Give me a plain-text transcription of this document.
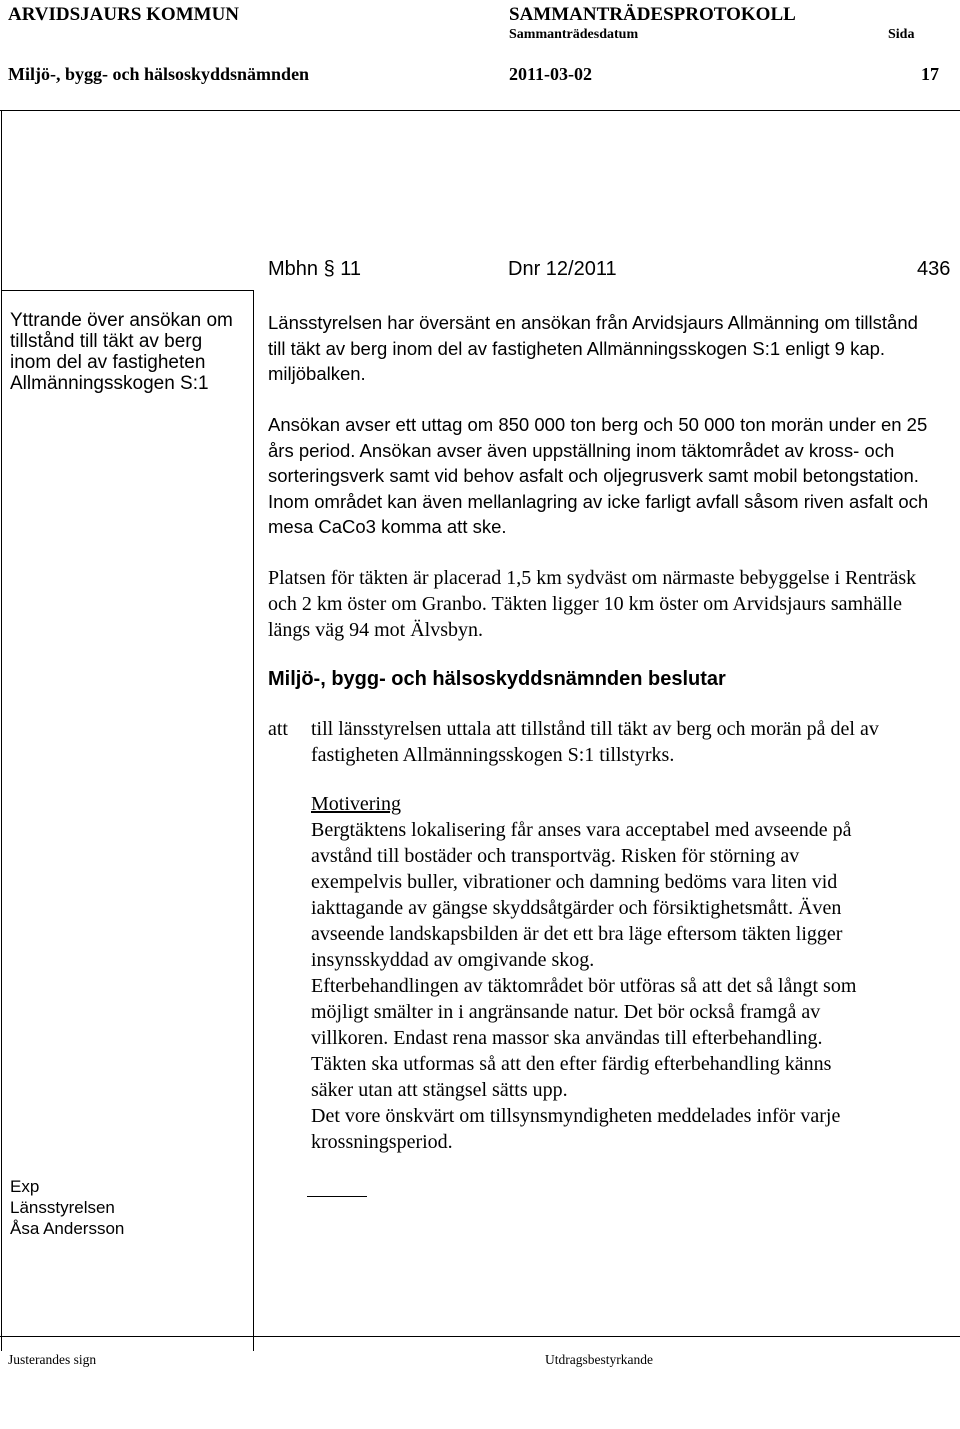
ARVIDSJAURS KOMMUN	SAMMANTRÄDESPROTOKOLL
Sammanträdesdatum	Sida
Miljö-, bygg- och hälsoskyddsnämnden	2011-03-02	17
Yttrande över ansökan om
tillstånd till täkt av berg
inom del av fastigheten
Allmänningsskogen S:1
Exp
Länsstyrelsen
Åsa Andersson
Mbhn § 11	Dnr 12/2011	436

Länsstyrelsen har översänt en ansökan från Arvidsjaurs Allmänning om tillstånd till täkt av berg inom del av fastigheten Allmänningsskogen S:1 enligt 9 kap. miljöbalken.

Ansökan avser ett uttag om 850 000 ton berg och 50 000 ton morän under en 25 års period. Ansökan avser även uppställning inom täktområdet av kross- och sorteringsverk samt vid behov asfalt och oljegrusverk samt mobil betongstation. Inom området kan även mellanlagring av icke farligt avfall såsom riven asfalt och mesa CaCo3 komma att ske.

Platsen för täkten är placerad 1,5 km sydväst om närmaste bebyggelse i Renträsk och 2 km öster om Granbo. Täkten ligger 10 km öster om Arvidsjaurs samhälle längs väg 94 mot Älvsbyn.

Miljö-, bygg- och hälsoskyddsnämnden beslutar
att till länsstyrelsen uttala att tillstånd till täkt av berg och morän på del av
fastigheten Allmänningsskogen S:1 tillstyrks.
Motivering
Bergtäktens lokalisering får anses vara acceptabel med avseende på
avstånd till bostäder och transportväg. Risken för störning av
exempelvis buller, vibrationer och damning bedöms vara liten vid
iakttagande av gängse skyddsåtgärder och försiktighetsmått. Även
avseende landskapsbilden är det ett bra läge eftersom täkten ligger
insynsskyddad av omgivande skog.
Efterbehandlingen av täktområdet bör utföras så att det så långt som
möjligt smälter in i angränsande natur. Det bör också framgå av
villkoren. Endast rena massor ska användas till efterbehandling.
Täkten ska utformas så att den efter färdig efterbehandling känns
säker utan att stängsel sätts upp.
Det vore önskvärt om tillsynsmyndigheten meddelades inför varje
krossningsperiod.
Justerandes sign	Utdragsbestyrkande
